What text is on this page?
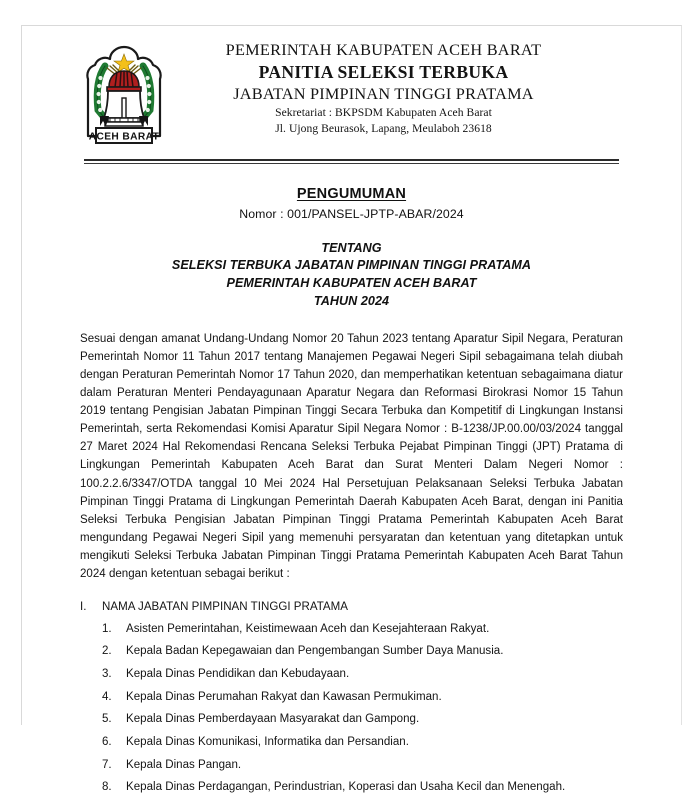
ACEH BARAT
PEMERINTAH KABUPATEN ACEH BARAT
PANITIA SELEKSI TERBUKA
JABATAN PIMPINAN TINGGI PRATAMA
Sekretariat : BKPSDM Kabupaten Aceh Barat
Jl. Ujong Beurasok, Lapang, Meulaboh 23618
PENGUMUMAN
Nomor : 001/PANSEL-JPTP-ABAR/2024
TENTANG
SELEKSI TERBUKA JABATAN PIMPINAN TINGGI PRATAMA
PEMERINTAH KABUPATEN ACEH BARAT
TAHUN 2024
Sesuai dengan amanat Undang-Undang Nomor 20 Tahun 2023 tentang Aparatur Sipil Negara, Peraturan Pemerintah Nomor 11 Tahun 2017 tentang Manajemen Pegawai Negeri Sipil sebagaimana telah diubah dengan Peraturan Pemerintah Nomor 17 Tahun 2020, dan memperhatikan ketentuan sebagaimana diatur dalam Peraturan Menteri Pendayagunaan Aparatur Negara dan Reformasi Birokrasi Nomor 15 Tahun 2019 tentang Pengisian Jabatan Pimpinan Tinggi Secara Terbuka dan Kompetitif di Lingkungan Instansi Pemerintah, serta Rekomendasi Komisi Aparatur Sipil Negara Nomor : B-1238/JP.00.00/03/2024 tanggal 27 Maret 2024 Hal Rekomendasi Rencana Seleksi Terbuka Pejabat Pimpinan Tinggi (JPT) Pratama di Lingkungan Pemerintah Kabupaten Aceh Barat dan Surat Menteri Dalam Negeri Nomor : 100.2.2.6/3347/OTDA tanggal 10 Mei 2024 Hal Persetujuan Pelaksanaan Seleksi Terbuka Jabatan Pimpinan Tinggi Pratama di Lingkungan Pemerintah Daerah Kabupaten Aceh Barat, dengan ini Panitia Seleksi Terbuka Pengisian Jabatan Pimpinan Tinggi Pratama Pemerintah Kabupaten Aceh Barat mengundang Pegawai Negeri Sipil yang memenuhi persyaratan dan ketentuan yang ditetapkan untuk mengikuti Seleksi Terbuka Jabatan Pimpinan Tinggi Pratama Pemerintah Kabupaten Aceh Barat Tahun 2024 dengan ketentuan sebagai berikut :
I.	NAMA JABATAN PIMPINAN TINGGI PRATAMA
1.	Asisten Pemerintahan, Keistimewaan Aceh dan Kesejahteraan Rakyat.
2.	Kepala Badan Kepegawaian dan Pengembangan Sumber Daya Manusia.
3.	Kepala Dinas Pendidikan dan Kebudayaan.
4.	Kepala Dinas Perumahan Rakyat dan Kawasan Permukiman.
5.	Kepala Dinas Pemberdayaan Masyarakat dan Gampong.
6.	Kepala Dinas Komunikasi, Informatika dan Persandian.
7.	Kepala Dinas Pangan.
8.	Kepala Dinas Perdagangan, Perindustrian, Koperasi dan Usaha Kecil dan Menengah.
